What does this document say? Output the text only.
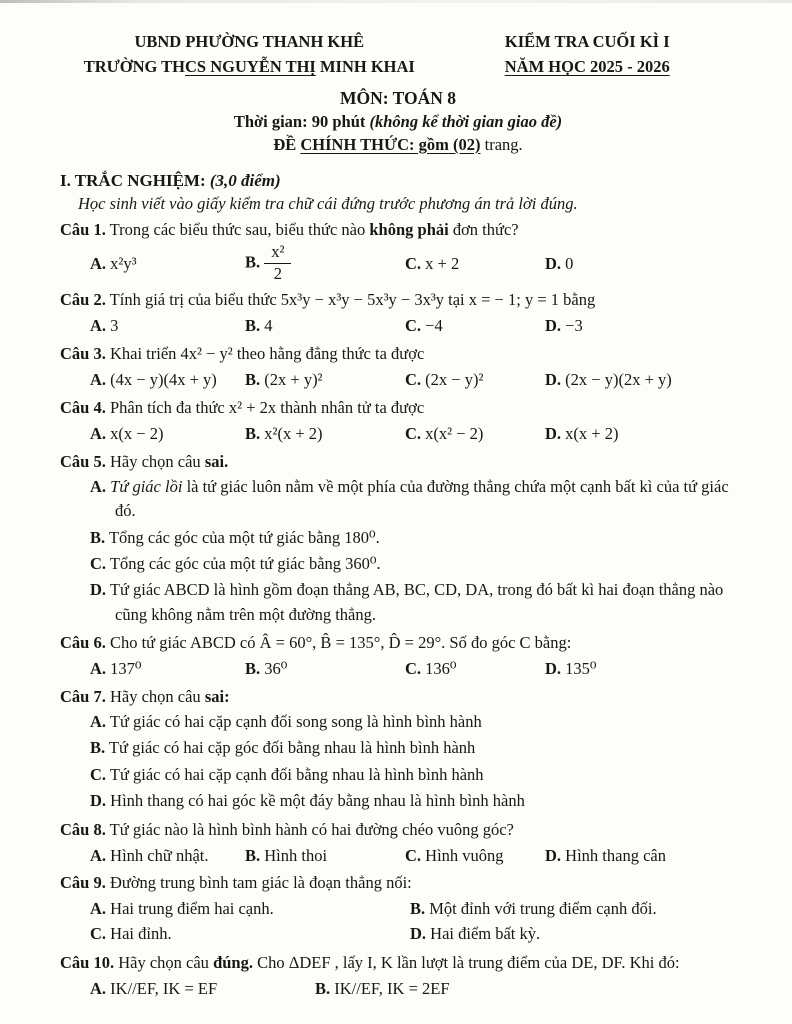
UBND PHƯỜNG THANH KHÊ
TRƯỜNG THCS NGUYỄN THỊ MINH KHAI
KIỂM TRA CUỐI KÌ I
NĂM HỌC 2025 - 2026
MÔN: TOÁN 8
Thời gian: 90 phút (không kể thời gian giao đề)
ĐỀ CHÍNH THỨC: gồm (02) trang.
I. TRẮC NGHIỆM: (3,0 điểm)
Học sinh viết vào giấy kiểm tra chữ cái đứng trước phương án trả lời đúng.

Câu 1. Trong các biểu thức sau, biểu thức nào không phải đơn thức?

A. x²y³	B. $\frac{\text{x²}}{2}$	C. x + 2	D. 0

Câu 2. Tính giá trị của biểu thức 5x³y − x³y − 5x³y − 3x³y tại x = − 1; y = 1 bằng

A. 3	B. 4	C. −4	D. −3

Câu 3. Khai triển 4x² − y² theo hằng đẳng thức ta được

A. (4x − y)(4x + y)	B. (2x + y)²	C. (2x − y)²	D. (2x − y)(2x + y)

Câu 4. Phân tích đa thức x² + 2x thành nhân tử ta được

A. x(x − 2)	B. x²(x + 2)	C. x(x² − 2)	D. x(x + 2)

Câu 5. Hãy chọn câu sai.

A. Tứ giác lồi là tứ giác luôn nằm về một phía của đường thẳng chứa một cạnh bất kì của tứ giác đó.

B. Tổng các góc của một tứ giác bằng 180⁰.

C. Tổng các góc của một tứ giác bằng 360⁰.

D. Tứ giác ABCD là hình gồm đoạn thẳng AB, BC, CD, DA, trong đó bất kì hai đoạn thẳng nào cũng không nằm trên một đường thẳng.

Câu 6. Cho tứ giác ABCD có Â = 60°, B̂ = 135°, D̂ = 29°. Số đo góc C bằng:

A. 137⁰	B. 36⁰	C. 136⁰	D. 135⁰

Câu 7. Hãy chọn câu sai:

A. Tứ giác có hai cặp cạnh đối song song là hình bình hành

B. Tứ giác có hai cặp góc đối bằng nhau là hình bình hành

C. Tứ giác có hai cặp cạnh đối bằng nhau là hình bình hành

D. Hình thang có hai góc kề một đáy bằng nhau là hình bình hành

Câu 8. Tứ giác nào là hình bình hành có hai đường chéo vuông góc?

A. Hình chữ nhật.	B. Hình thoi	C. Hình vuông	D. Hình thang cân

Câu 9. Đường trung bình tam giác là đoạn thẳng nối:

A. Hai trung điểm hai cạnh.	B. Một đỉnh với trung điểm cạnh đối.
C. Hai đỉnh.	D. Hai điểm bất kỳ.

Câu 10. Hãy chọn câu đúng. Cho ΔDEF , lấy I, K lần lượt là trung điểm của DE, DF. Khi đó:

A. IK//EF, IK = EF	B. IK//EF, IK = 2EF
